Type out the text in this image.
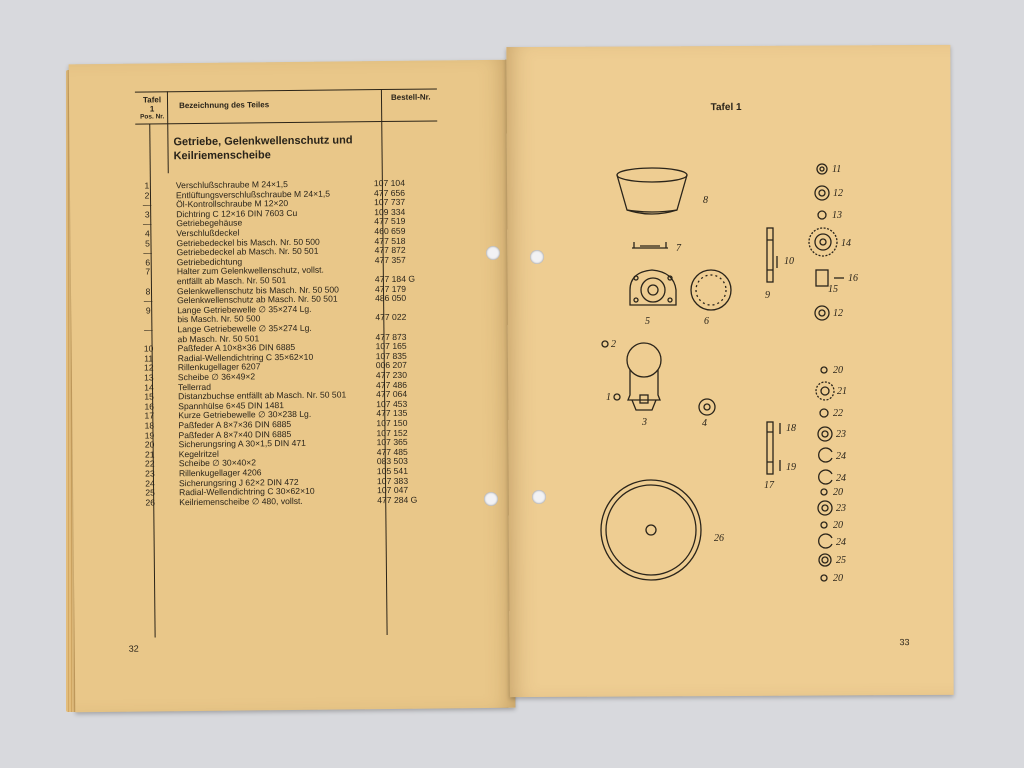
Tafel
1
Pos. Nr.
Bezeichnung des Teiles
Bestell-Nr.
Getriebe, Gelenkwellenschutz und
Keilriemenscheibe
1	Verschlußschraube M 24×1,5	107 104
2	Entlüftungsverschlußschraube M 24×1,5	477 656
—	Öl-Kontrollschraube M 12×20	107 737
3	Dichtring C 12×16 DIN 7603 Cu	109 334
—	Getriebegehäuse	477 519
4	Verschlußdeckel	460 659
5	Getriebedeckel bis Masch. Nr. 50 500	477 518
—	Getriebedeckel ab Masch. Nr. 50 501	477 872
6	Getriebedichtung	477 357
7	Halter zum Gelenkwellenschutz, vollst.
entfällt ab Masch. Nr. 50 501	477 184 G
8	Gelenkwellenschutz bis Masch. Nr. 50 500	477 179
—	Gelenkwellenschutz ab Masch. Nr. 50 501	486 050
9	Lange Getriebewelle ∅ 35×274 Lg.
bis Masch. Nr. 50 500	477 022
—	Lange Getriebewelle ∅ 35×274 Lg.
ab Masch. Nr. 50 501	477 873
10	Paßfeder A 10×8×36 DIN 6885	107 165
11	Radial-Wellendichtring C 35×62×10	107 835
12	Rillenkugellager 6207	006 207
13	Scheibe ∅ 36×49×2	477 230
14	Tellerrad	477 486
15	Distanzbuchse entfällt ab Masch. Nr. 50 501	477 064
16	Spannhülse 6×45 DIN 1481	107 453
17	Kurze Getriebewelle ∅ 30×238 Lg.	477 135
18	Paßfeder A 8×7×36 DIN 6885	107 150
19	Paßfeder A 8×7×40 DIN 6885	107 152
20	Sicherungsring A 30×1,5 DIN 471	107 365
21	Kegelritzel	477 485
22	Scheibe ∅ 30×40×2	083 503
23	Rillenkugellager 4206	105 541
24	Sicherungsring J 62×2 DIN 472	107 383
25	Radial-Wellendichtring C 30×62×10	107 047
26	Keilriemenscheibe ∅ 480, vollst.	477 284 G
32
Tafel 1
33
8
7
5	6
2
1
3	4
26
9
10
18
19
17
11
12
13
14
15
16
12
20
21
22
23
24
24
20
23
20
24
25
20
